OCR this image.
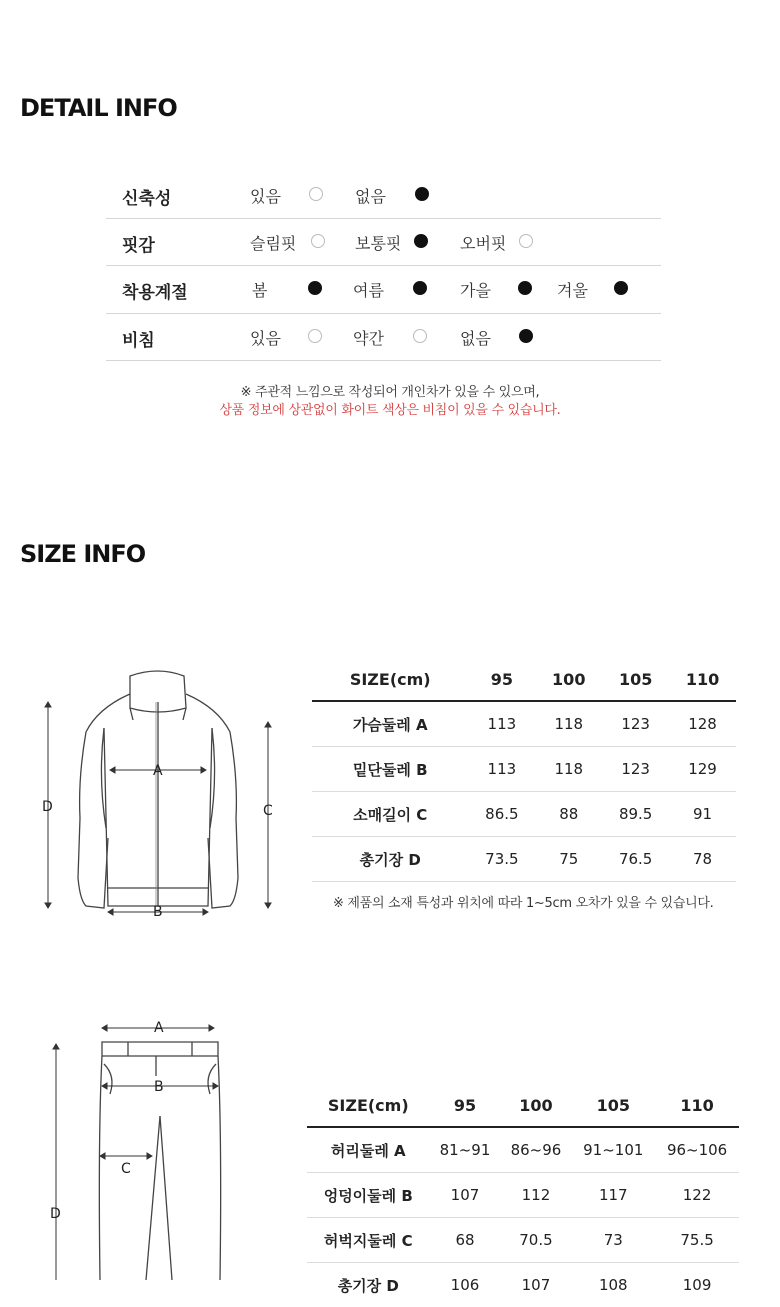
DETAIL INFO
신축성	있음	없음
핏감	슬림핏	보통핏	오버핏
착용계절	봄	여름	가을	겨울
비침	있음	약간	없음
※ 주관적 느낌으로 작성되어 개인차가 있을 수 있으며,
상품 정보에 상관없이 화이트 색상은 비침이 있을 수 있습니다.
SIZE INFO
A
B
D	C
SIZE(cm)	95	100	105	110
가슴둘레 A	113	118	123	128
밑단둘레 B	113	118	123	129
소매길이 C	86.5	88	89.5	91
총기장 D	73.5	75	76.5	78
※ 제품의 소재 특성과 위치에 따라 1~5cm 오차가 있을 수 있습니다.
A
B
C
D
SIZE(cm)	95	100	105	110
허리둘레 A	81~91	86~96	91~101	96~106
엉덩이둘레 B	107	112	117	122
허벅지둘레 C	68	70.5	73	75.5
총기장 D	106	107	108	109
